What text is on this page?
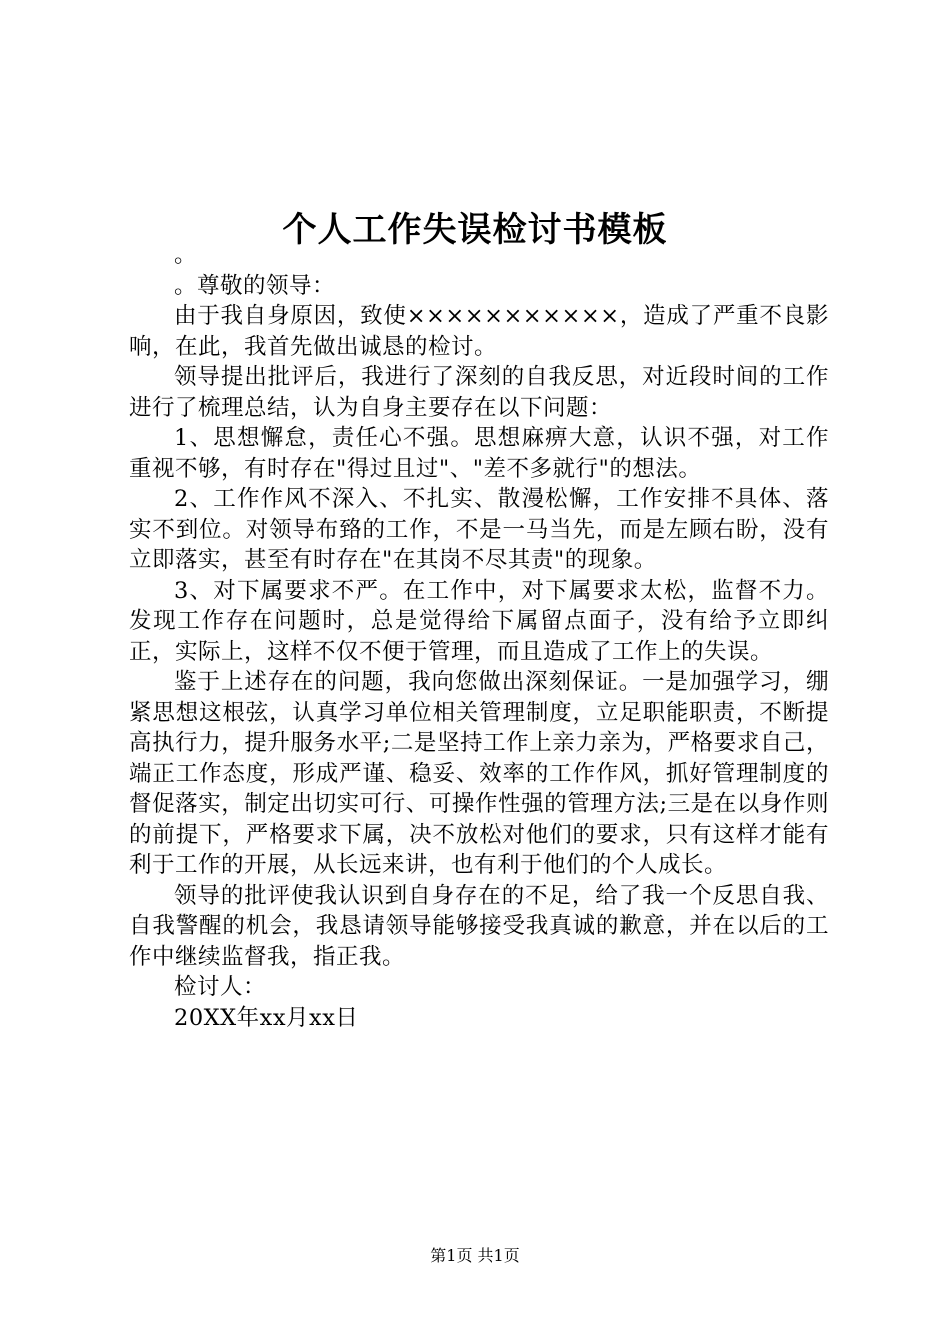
个人工作失误检讨书模板

。

。尊敬的领导：

由于我自身原因，致使×××××××××××，造成了严重不良影响，在此，我首先做出诚恳的检讨。

领导提出批评后，我进行了深刻的自我反思，对近段时间的工作进行了梳理总结，认为自身主要存在以下问题：

1、思想懈怠，责任心不强。思想麻痹大意，认识不强，对工作重视不够，有时存在"得过且过"、"差不多就行"的想法。

2、工作作风不深入、不扎实、散漫松懈，工作安排不具体、落实不到位。对领导布臵的工作，不是一马当先，而是左顾右盼，没有立即落实，甚至有时存在"在其岗不尽其责"的现象。

3、对下属要求不严。在工作中，对下属要求太松，监督不力。发现工作存在问题时，总是觉得给下属留点面子，没有给予立即纠正，实际上，这样不仅不便于管理，而且造成了工作上的失误。

鉴于上述存在的问题，我向您做出深刻保证。一是加强学习，绷紧思想这根弦，认真学习单位相关管理制度，立足职能职责，不断提高执行力，提升服务水平;二是坚持工作上亲力亲为，严格要求自己，端正工作态度，形成严谨、稳妥、效率的工作作风，抓好管理制度的督促落实，制定出切实可行、可操作性强的管理方法;三是在以身作则的前提下，严格要求下属，决不放松对他们的要求，只有这样才能有利于工作的开展，从长远来讲，也有利于他们的个人成长。

领导的批评使我认识到自身存在的不足，给了我一个反思自我、自我警醒的机会，我恳请领导能够接受我真诚的歉意，并在以后的工作中继续监督我，指正我。

检讨人：

20XX年xx月xx日

第1页 共1页
